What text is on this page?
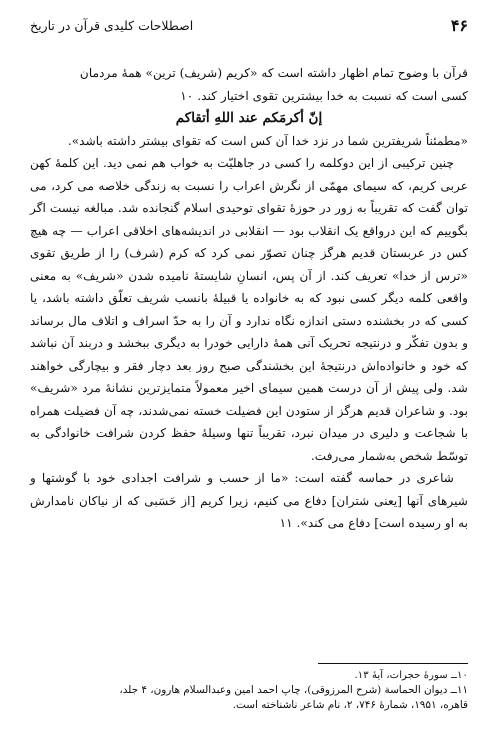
۴۶
اصطلاحات کلیدی قرآن در تاریخ

قرآن با وضوح تمام اظهار داشته است که «کریم (شریف) ترین» همهٔ مردمان

کسی است که نسبت به خدا بیشترین تقوی اختیار کند. ۱۰

إنّ أكرمَكم عند اللهِ أتقاكم

«مطمئناً شریفترین شما در نزد خدا آن کس است که تقوای بیشتر داشته باشد».

چنین ترکیبی از این دوکلمه را کسی در جاهلیّت به خواب هم نمی دید. این کلمهٔ کهن عربی کریم، که سیمای مهمّی از نگرش اعراب را نسبت به زندگی خلاصه می کرد، می توان گفت که تقریباً به زور در حوزهٔ تقوای توحیدی اسلام گنجانده شد. مبالغه نیست اگر بگوییم که این درواقع یک انقلاب بود — انقلابی در اندیشه‌های اخلاقی اعراب — چه هیچ کس در عربستان قدیم هرگز چنان تصوّر نمی کرد که کرم (شرف) را از طریق تقوی «ترس از خدا» تعریف کند. از آن پس، انسانِ شایستهٔ نامیده شدن «شریف» به معنی واقعی کلمه دیگر کسی نبود که به خانواده یا قبیلهٔ بانسب شریف تعلّق داشته باشد، یا کسی که در بخشنده دستی اندازه نگاه ندارد و آن را به حدّ اسراف و اتلاف مال برساند و بدون تفکّر و درنتیجه تحریک آنی همهٔ دارایی خودرا به دیگری ببخشد و دربند آن نباشد که خود و خانواده‌اش درنتیجهٔ این بخشندگی صبح روز بعد دچار فقر و بیچارگی خواهند شد. ولی پیش از آن درست همین سیمای اخیر معمولاً متمایزترین نشانهٔ مرد «شریف» بود. و شاعران قدیم هرگز از ستودن این فضیلت خسته نمی‌شدند، چه آن فضیلت همراه با شجاعت و دلیری در میدان نبرد، تقریباً تنها وسیلهٔ حفظ کردن شرافت خانوادگی به توسّط شخص به‌شمار می‌رفت.

شاعری در حماسه گفته است: «ما از حسب و شرافت اجدادی خود با گوشتها و شیرهای آنها [یعنی شتران] دفاع می کنیم، زیرا کریم [از حَسَبی که از نیاکان نامدارش به او رسیده است] دفاع می کند». ۱۱

۱۰ــ سورهٔ حجرات، آیهٔ ۱۳.

۱۱ــ دیوان الحماسة (شرح المرزوقی)، چاپ احمد امین وعبدالسلام هارون، ۴ جلد،

قاهره، ۱۹۵۱، شمارهٔ ۷۴۶، ۲، نام شاعر ناشناخته است.
